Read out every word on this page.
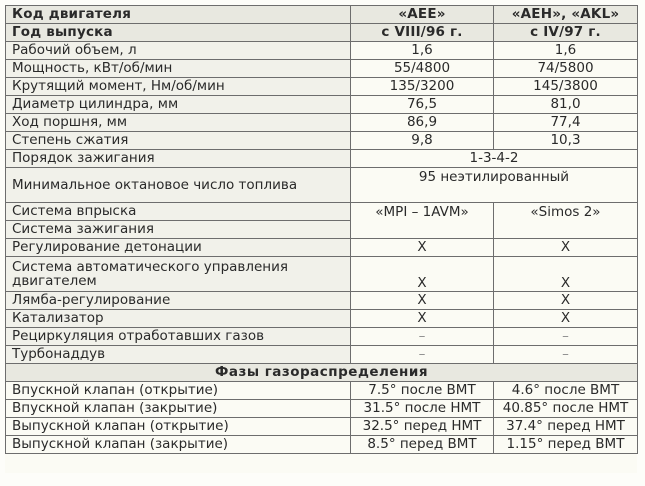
Код двигателя	«AEE»	«AEH», «AKL»
Год выпуска	с VIII/96 г.	с IV/97 г.
Рабочий объем, л	1,6	1,6
Мощность, кВт/об/мин	55/4800	74/5800
Крутящий момент, Нм/об/мин	135/3200	145/3800
Диаметр цилиндра, мм	76,5	81,0
Ход поршня, мм	86,9	77,4
Степень сжатия	9,8	10,3
Порядок зажигания	1-3-4-2	
Минимальное октановое число топлива	95 неэтилированный	
Система впрыска	«MPI – 1AVM»	«Simos 2»
Система зажигания		
Регулирование детонации	X	X
Система автоматического управления двигателем	X	X
Лямба-регулирование	X	X
Катализатор	X	X
Рециркуляция отработавших газов	–	–
Турбонаддув	–	–
Фазы газораспределения		
Впускной клапан (открытие)	7.5° после ВМТ	4.6° после ВМТ
Впускной клапан (закрытие)	31.5° после НМТ	40.85° после НМТ
Выпускной клапан (открытие)	32.5° перед НМТ	37.4° перед НМТ
Выпускной клапан (закрытие)	8.5° перед ВМТ	1.15° перед ВМТ
